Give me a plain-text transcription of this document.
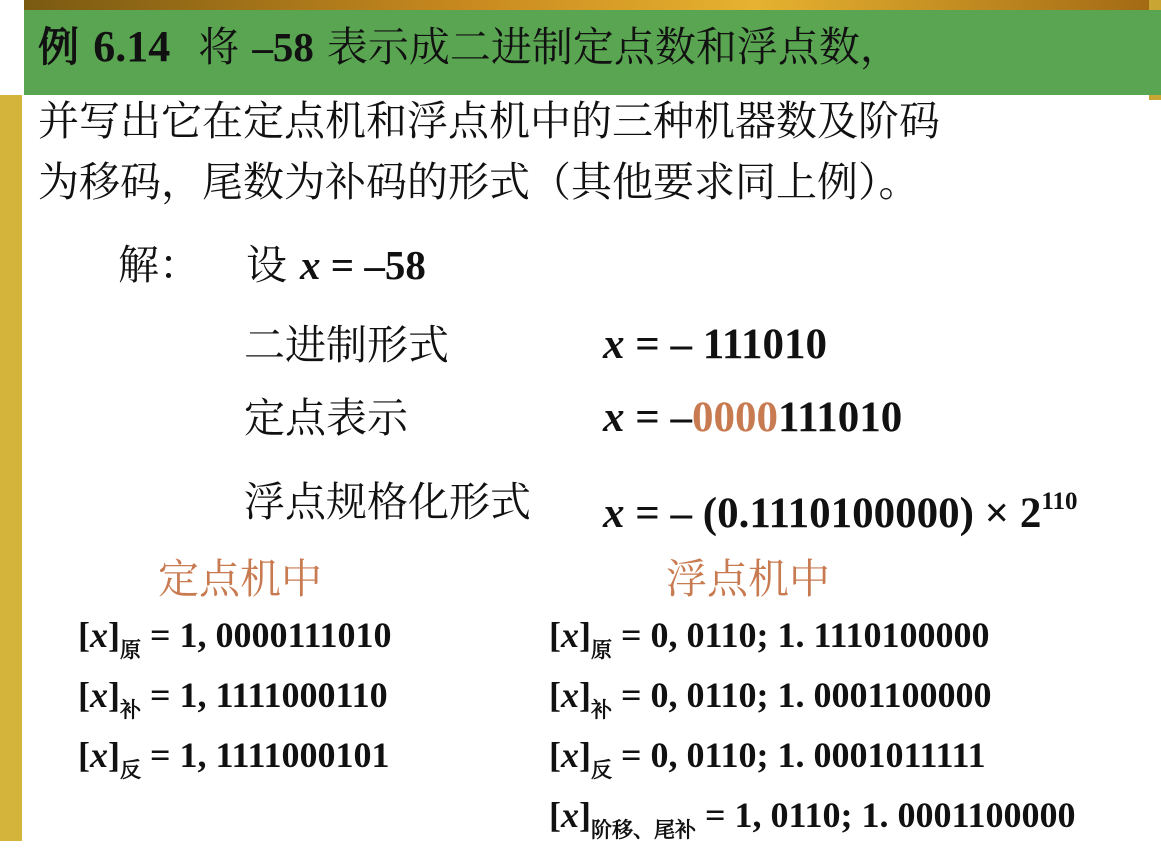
例 6.14 将 –58 表示成二进制定点数和浮点数，
并写出它在定点机和浮点机中的三种机器数及阶码
为移码，尾数为补码的形式（其他要求同上例）。
解： 设 x = –58
二进制形式	x = – 111010
定点表示	x = –0000111010
浮点规格化形式 x = – $(0.1110100000) \times 2^{110}$
定点机中	浮点机中
$[x]_原 = 1$, 0000111010
$[x]_补 = 1$, 1111000110
$[x]_反 = 1$, 1111000101
$[x]_原 = 0$, 0110; 1. 1110100000
$[x]_补 = 0$, 0110; 1. 0001100000
$[x]_反 = 0$, 0110; 1. 0001011111
$[x]_{阶移、尾补} = 1$, 0110; 1. 0001100000
